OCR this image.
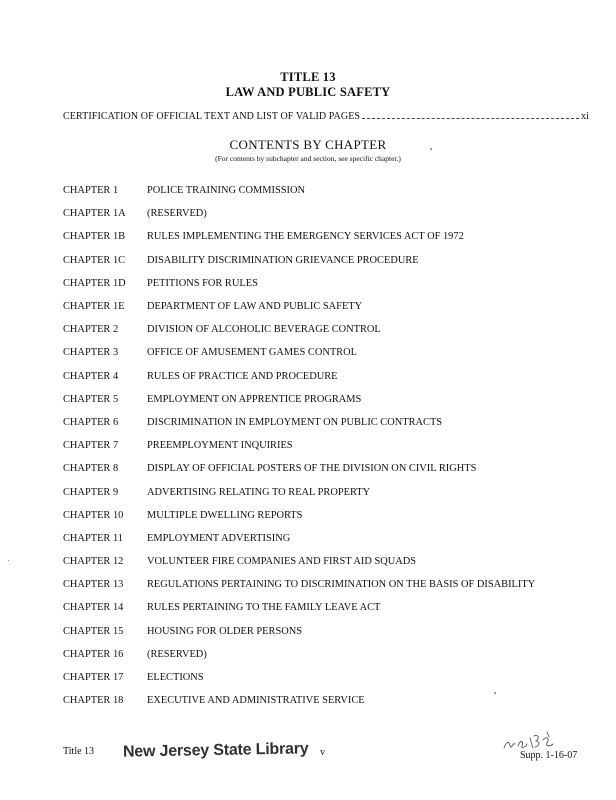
TITLE 13
LAW AND PUBLIC SAFETY
CERTIFICATION OF OFFICIAL TEXT AND LIST OF VALID PAGES	xi
CONTENTS BY CHAPTER
(For contents by subchapter and section, see specific chapter.)
CHAPTER 1	POLICE TRAINING COMMISSION
CHAPTER 1A	(RESERVED)
CHAPTER 1B	RULES IMPLEMENTING THE EMERGENCY SERVICES ACT OF 1972
CHAPTER 1C	DISABILITY DISCRIMINATION GRIEVANCE PROCEDURE
CHAPTER 1D	PETITIONS FOR RULES
CHAPTER 1E	DEPARTMENT OF LAW AND PUBLIC SAFETY
CHAPTER 2	DIVISION OF ALCOHOLIC BEVERAGE CONTROL
CHAPTER 3	OFFICE OF AMUSEMENT GAMES CONTROL
CHAPTER 4	RULES OF PRACTICE AND PROCEDURE
CHAPTER 5	EMPLOYMENT ON APPRENTICE PROGRAMS
CHAPTER 6	DISCRIMINATION IN EMPLOYMENT ON PUBLIC CONTRACTS
CHAPTER 7	PREEMPLOYMENT INQUIRIES
CHAPTER 8	DISPLAY OF OFFICIAL POSTERS OF THE DIVISION ON CIVIL RIGHTS
CHAPTER 9	ADVERTISING RELATING TO REAL PROPERTY
CHAPTER 10	MULTIPLE DWELLING REPORTS
CHAPTER 11	EMPLOYMENT ADVERTISING
CHAPTER 12	VOLUNTEER FIRE COMPANIES AND FIRST AID SQUADS
CHAPTER 13	REGULATIONS PERTAINING TO DISCRIMINATION ON THE BASIS OF DISABILITY
CHAPTER 14	RULES PERTAINING TO THE FAMILY LEAVE ACT
CHAPTER 15	HOUSING FOR OLDER PERSONS
CHAPTER 16	(RESERVED)
CHAPTER 17	ELECTIONS
CHAPTER 18	EXECUTIVE AND ADMINISTRATIVE SERVICE
Title 13 New Jersey State Library v	Supp. 1-16-07
